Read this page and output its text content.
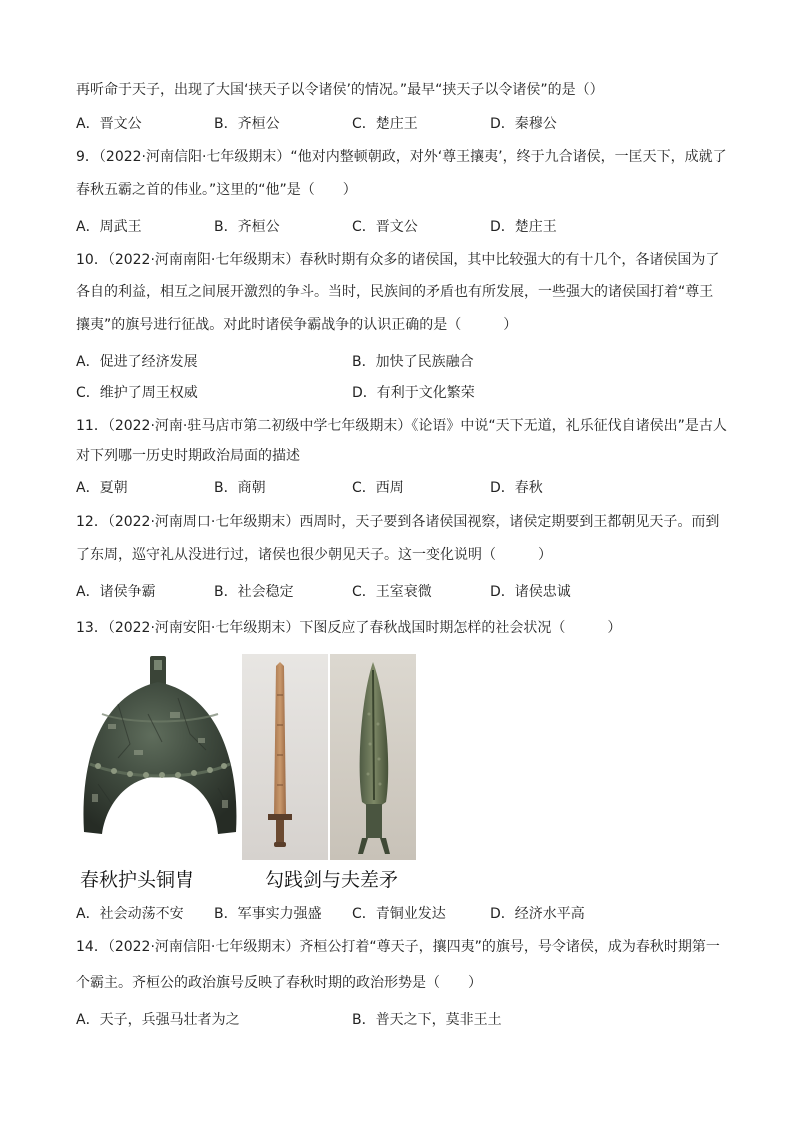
再听命于天子，出现了大国‘挟天子以令诸侯’的情况。”最早“挟天子以令诸侯”的是（）
A．晋文公	B．齐桓公	C．楚庄王	D．秦穆公
9．（2022·河南信阳·七年级期末）“他对内整顿朝政，对外‘尊王攘夷’，终于九合诸侯，一匡天下，成就了
春秋五霸之首的伟业。”这里的“他”是（　　）
A．周武王	B．齐桓公	C．晋文公	D．楚庄王
10．（2022·河南南阳·七年级期末）春秋时期有众多的诸侯国，其中比较强大的有十几个，各诸侯国为了
各自的利益，相互之间展开激烈的争斗。当时，民族间的矛盾也有所发展，一些强大的诸侯国打着“尊王
攘夷”的旗号进行征战。对此时诸侯争霸战争的认识正确的是（　　　）
A．促进了经济发展	B．加快了民族融合
C．维护了周王权威	D．有利于文化繁荣
11．（2022·河南·驻马店市第二初级中学七年级期末）《论语》中说“天下无道，礼乐征伐自诸侯出”是古人
对下列哪一历史时期政治局面的描述
A．夏朝	B．商朝	C．西周	D．春秋
12．（2022·河南周口·七年级期末）西周时，天子要到各诸侯国视察，诸侯定期要到王都朝见天子。而到
了东周，巡守礼从没进行过，诸侯也很少朝见天子。这一变化说明（　　　）
A．诸侯争霸	B．社会稳定	C．王室衰微	D．诸侯忠诚
13．（2022·河南安阳·七年级期末）下图反应了春秋战国时期怎样的社会状况（　　　）
春秋护头铜胄	勾践剑与夫差矛
A．社会动荡不安 B．军事实力强盛 C．青铜业发达	D．经济水平高
14．（2022·河南信阳·七年级期末）齐桓公打着“尊天子，攘四夷”的旗号，号令诸侯，成为春秋时期第一
个霸主。齐桓公的政治旗号反映了春秋时期的政治形势是（　　）
A．天子，兵强马壮者为之	B．普天之下，莫非王土
